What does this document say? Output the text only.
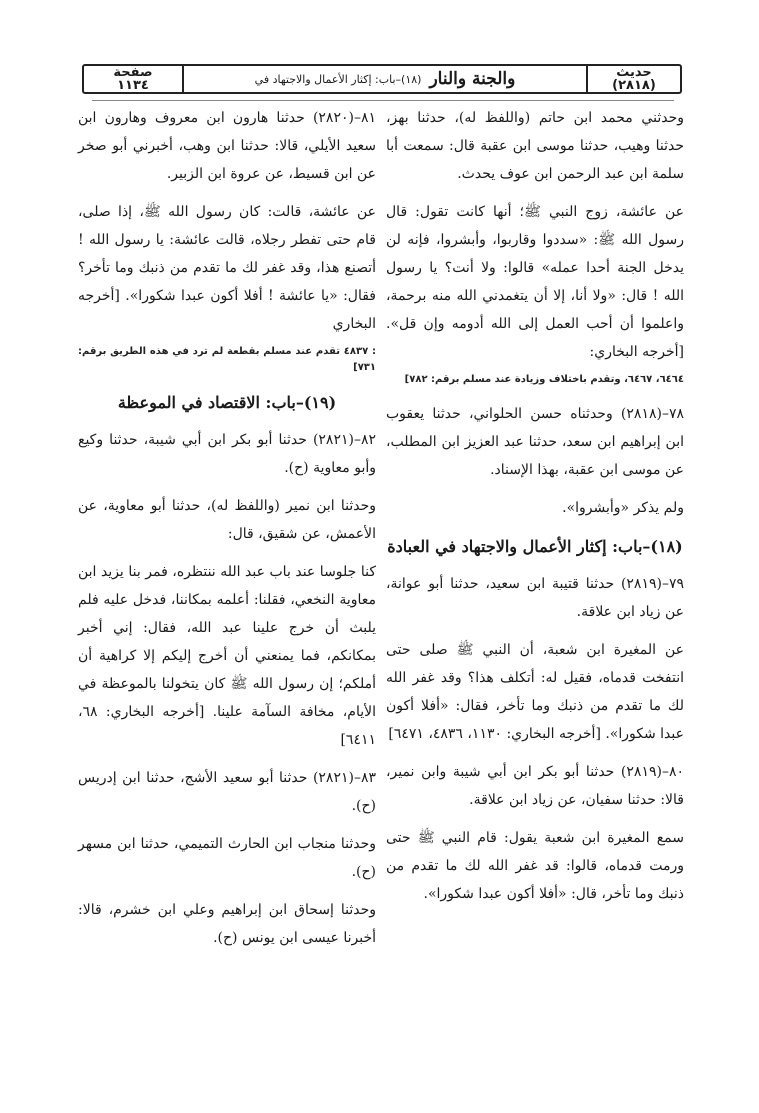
حديث
(٢٨١٨)
والجنة والنار
(١٨)–باب: إكثار الأعمال والاجتهاد في
صفحة
١١٣٤

وحدثني محمد ابن حاتم (واللفظ له)، حدثنا بهز، حدثنا وهيب، حدثنا موسى ابن عقبة قال: سمعت أبا سلمة ابن عبد الرحمن ابن عوف يحدث.

عن عائشة، زوج النبي ﷺ؛ أنها كانت تقول: قال رسول الله ﷺ: «سددوا وقاربوا، وأبشروا، فإنه لن يدخل الجنة أحدا عمله» قالوا: ولا أنت؟ يا رسول الله ! قال: «ولا أنا، إلا أن يتغمدني الله منه برحمة، واعلموا أن أحب العمل إلى الله أدومه وإن قل». [أخرجه البخاري:

٦٤٦٤، ٦٤٦٧، وتقدم باختلاف وزيادة عند مسلم برقم: ٧٨٢]

٧٨–(٢٨١٨) وحدثناه حسن الحلواني، حدثنا يعقوب ابن إبراهيم ابن سعد، حدثنا عبد العزيز ابن المطلب، عن موسى ابن عقبة، بهذا الإسناد.

ولم يذكر «وأبشروا».

(١٨)–باب: إكثار الأعمال والاجتهاد في العبادة

٧٩–(٢٨١٩) حدثنا قتيبة ابن سعيد، حدثنا أبو عوانة، عن زياد ابن علاقة.

عن المغيرة ابن شعبة، أن النبي ﷺ صلى حتى انتفخت قدماه، فقيل له: أتكلف هذا؟ وقد غفر الله لك ما تقدم من ذنبك وما تأخر، فقال: «أفلا أكون عبدا شكورا». [أخرجه البخاري: ١١٣٠، ٤٨٣٦، ٦٤٧١]

٨٠–(٢٨١٩) حدثنا أبو بكر ابن أبي شيبة وابن نمير، قالا: حدثنا سفيان، عن زياد ابن علاقة.

سمع المغيرة ابن شعبة يقول: قام النبي ﷺ حتى ورمت قدماه، قالوا: قد غفر الله لك ما تقدم من ذنبك وما تأخر، قال: «أفلا أكون عبدا شكورا».

٨١–(٢٨٢٠) حدثنا هارون ابن معروف وهارون ابن سعيد الأيلي، قالا: حدثنا ابن وهب، أخبرني أبو صخر عن ابن قسيط، عن عروة ابن الزبير.

عن عائشة، قالت: كان رسول الله ﷺ، إذا صلى، قام حتى تفطر رجلاه، قالت عائشة: يا رسول الله ! أتصنع هذا، وقد غفر لك ما تقدم من ذنبك وما تأخر؟ فقال: «يا عائشة ! أفلا أكون عبدا شكورا». [أخرجه البخاري

: ٤٨٣٧ تقدم عند مسلم بقطعة لم ترد في هذه الطريق برقم: ٧٣١]

(١٩)–باب: الاقتصاد في الموعظة

٨٢–(٢٨٢١) حدثنا أبو بكر ابن أبي شيبة، حدثنا وكيع وأبو معاوية (ح).

وحدثنا ابن نمير (واللفظ له)، حدثنا أبو معاوية، عن الأعمش، عن شقيق، قال:

كنا جلوسا عند باب عبد الله ننتظره، فمر بنا يزيد ابن معاوية النخعي، فقلنا: أعلمه بمكاننا، فدخل عليه فلم يلبث أن خرج علينا عبد الله، فقال: إني أخبر بمكانكم، فما يمنعني أن أخرج إليكم إلا كراهية أن أملكم؛ إن رسول الله ﷺ كان يتخولنا بالموعظة في الأيام، مخافة السآمة علينا. [أخرجه البخاري: ٦٨، ٦٤١١]

٨٣–(٢٨٢١) حدثنا أبو سعيد الأشج، حدثنا ابن إدريس (ح).

وحدثنا منجاب ابن الحارث التميمي، حدثنا ابن مسهر (ح).

وحدثنا إسحاق ابن إبراهيم وعلي ابن خشرم، قالا: أخبرنا عيسى ابن يونس (ح).
